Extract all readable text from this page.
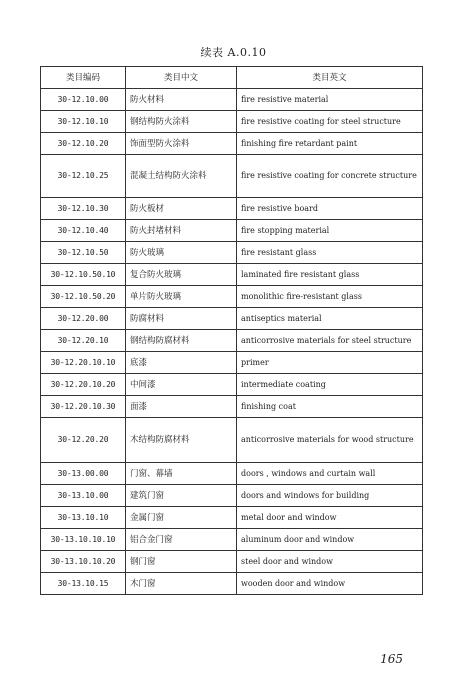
续表 A.0.10
类目编码	类目中文	类目英文
30-12.10.00	防火材料	fire resistive material
30-12.10.10	钢结构防火涂料	fire resistive coating for steel structure
30-12.10.20	饰面型防火涂料	finishing fire retardant paint
30-12.10.25	混凝土结构防火涂料	fire resistive coating for concrete structure
30-12.10.30	防火板材	fire resistive board
30-12.10.40	防火封堵材料	fire stopping material
30-12.10.50	防火玻璃	fire resistant glass
30-12.10.50.10	复合防火玻璃	laminated fire resistant glass
30-12.10.50.20	单片防火玻璃	monolithic fire-resistant glass
30-12.20.00	防腐材料	antiseptics material
30-12.20.10	钢结构防腐材料	anticorrosive materials for steel structure
30-12.20.10.10	底漆	primer
30-12.20.10.20	中间漆	intermediate coating
30-12.20.10.30	面漆	finishing coat
30-12.20.20	木结构防腐材料	anticorrosive materials for wood structure
30-13.00.00	门窗、幕墙	doors , windows and curtain wall
30-13.10.00	建筑门窗	doors and windows for building
30-13.10.10	金属门窗	metal door and window
30-13.10.10.10	铝合金门窗	aluminum door and window
30-13.10.10.20	钢门窗	steel door and window
30-13.10.15	木门窗	wooden door and window
165
